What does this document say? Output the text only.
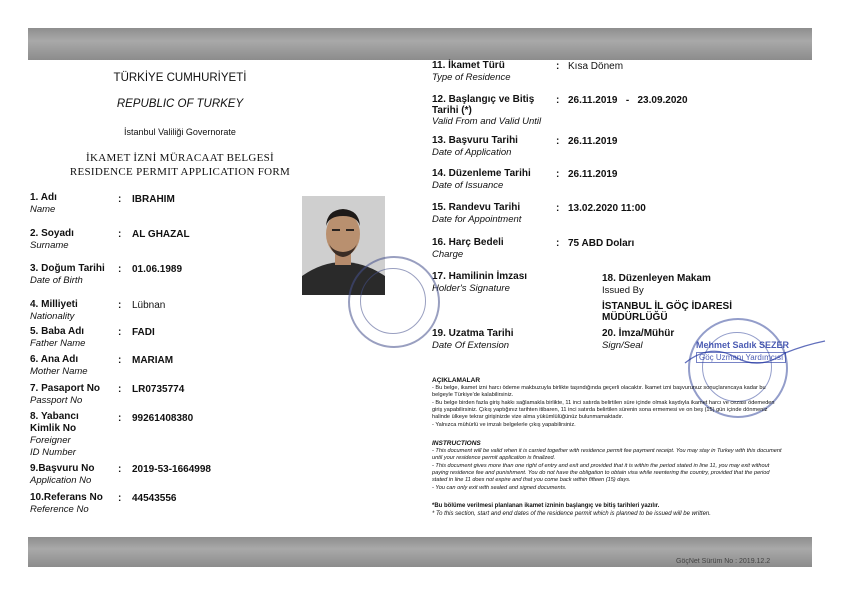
TÜRKİYE CUMHURİYETİ
REPUBLIC OF TURKEY
İstanbul Valiliği Governorate
İKAMET İZNİ MÜRACAAT BELGESİ
RESIDENCE PERMIT APPLICATION FORM
1. Adı
Name
: IBRAHIM
2. Soyadı
Surname
: AL GHAZAL
3. Doğum Tarihi
Date of Birth
: 01.06.1989
4. Milliyeti
Nationality
: Lübnan
5. Baba Adı
Father Name
: FADI
6. Ana Adı
Mother Name
: MARIAM
7. Pasaport No
Passport No
: LR0735774
8. Yabancı
Kimlik No
Foreigner
ID Number
: 99261408380
9.Başvuru No
Application No
: 2019-53-1664998
10.Referans No
Reference No
: 44543556
11. İkamet Türü
Type of Residence
: Kısa Dönem
12. Başlangıç ve Bitiş
Tarihi (*)
Valid From and Valid Until
: 26.11.2019   -   23.09.2020
13. Başvuru Tarihi
Date of Application
: 26.11.2019
14. Düzenleme Tarihi
Date of Issuance
: 26.11.2019
15. Randevu Tarihi
Date for Appointment
: 13.02.2020 11:00
16. Harç Bedeli
Charge
: 75 ABD Doları
17. Hamilinin İmzası
Holder's Signature
18. Düzenleyen Makam
Issued By
İSTANBUL İL GÖÇ İDARESİ
MÜDÜRLÜĞÜ
19. Uzatma Tarihi
Date Of Extension
20. İmza/Mühür
Sign/Seal	Mehmet Sadık SEZER
Göç Uzmanı Yardımcısı
AÇIKLAMALAR
- Bu belge, ikamet izni harcı ödeme makbuzuyla birlikte taşındığında geçerli olacaktır. İkamet izni başvurunuz sonuçlanıncaya kadar bu belgeyle Türkiye'de kalabilirsiniz.
- Bu belge birden fazla giriş hakkı sağlamakla birlikte, 11 inci satırda belirtilen süre içinde olmak kaydıyla ikamet harcı ve cezası ödemeden giriş yapabilirsiniz. Çıkış yaptığınız tarihten itibaren, 11 inci satırda belirtilen sürenin sona ermemesi ve on beş (15) gün içinde dönmeniz halinde ülkeye tekrar girişinizde vize alma yükümlülüğünüz bulunmamaktadır.
- Yalnızca mühürlü ve imzalı belgelerle çıkış yapabilirsiniz.
INSTRUCTIONS
- This document will be valid when it is carried together with residence permit fee payment receipt. You may stay in Turkey with this document until your residence permit application is finalized.
- This document gives more than one right of entry and exit and provided that it is within the period stated in line 11, you may exit without paying residence fee and punishment. You do not have the obligation to obtain visa while reentering the country, provided that the period stated in line 11 does not expire and that you come back within fifteen (15) days.
- You can only exit with sealed and signed documents.
*Bu bölüme verilmesi planlanan ikamet izninin başlangıç ve bitiş tarihleri yazılır.
* To this section, start and end dates of the residence permit which is planned to be issued will be written.
GöçNet Sürüm No : 2019.12.2
